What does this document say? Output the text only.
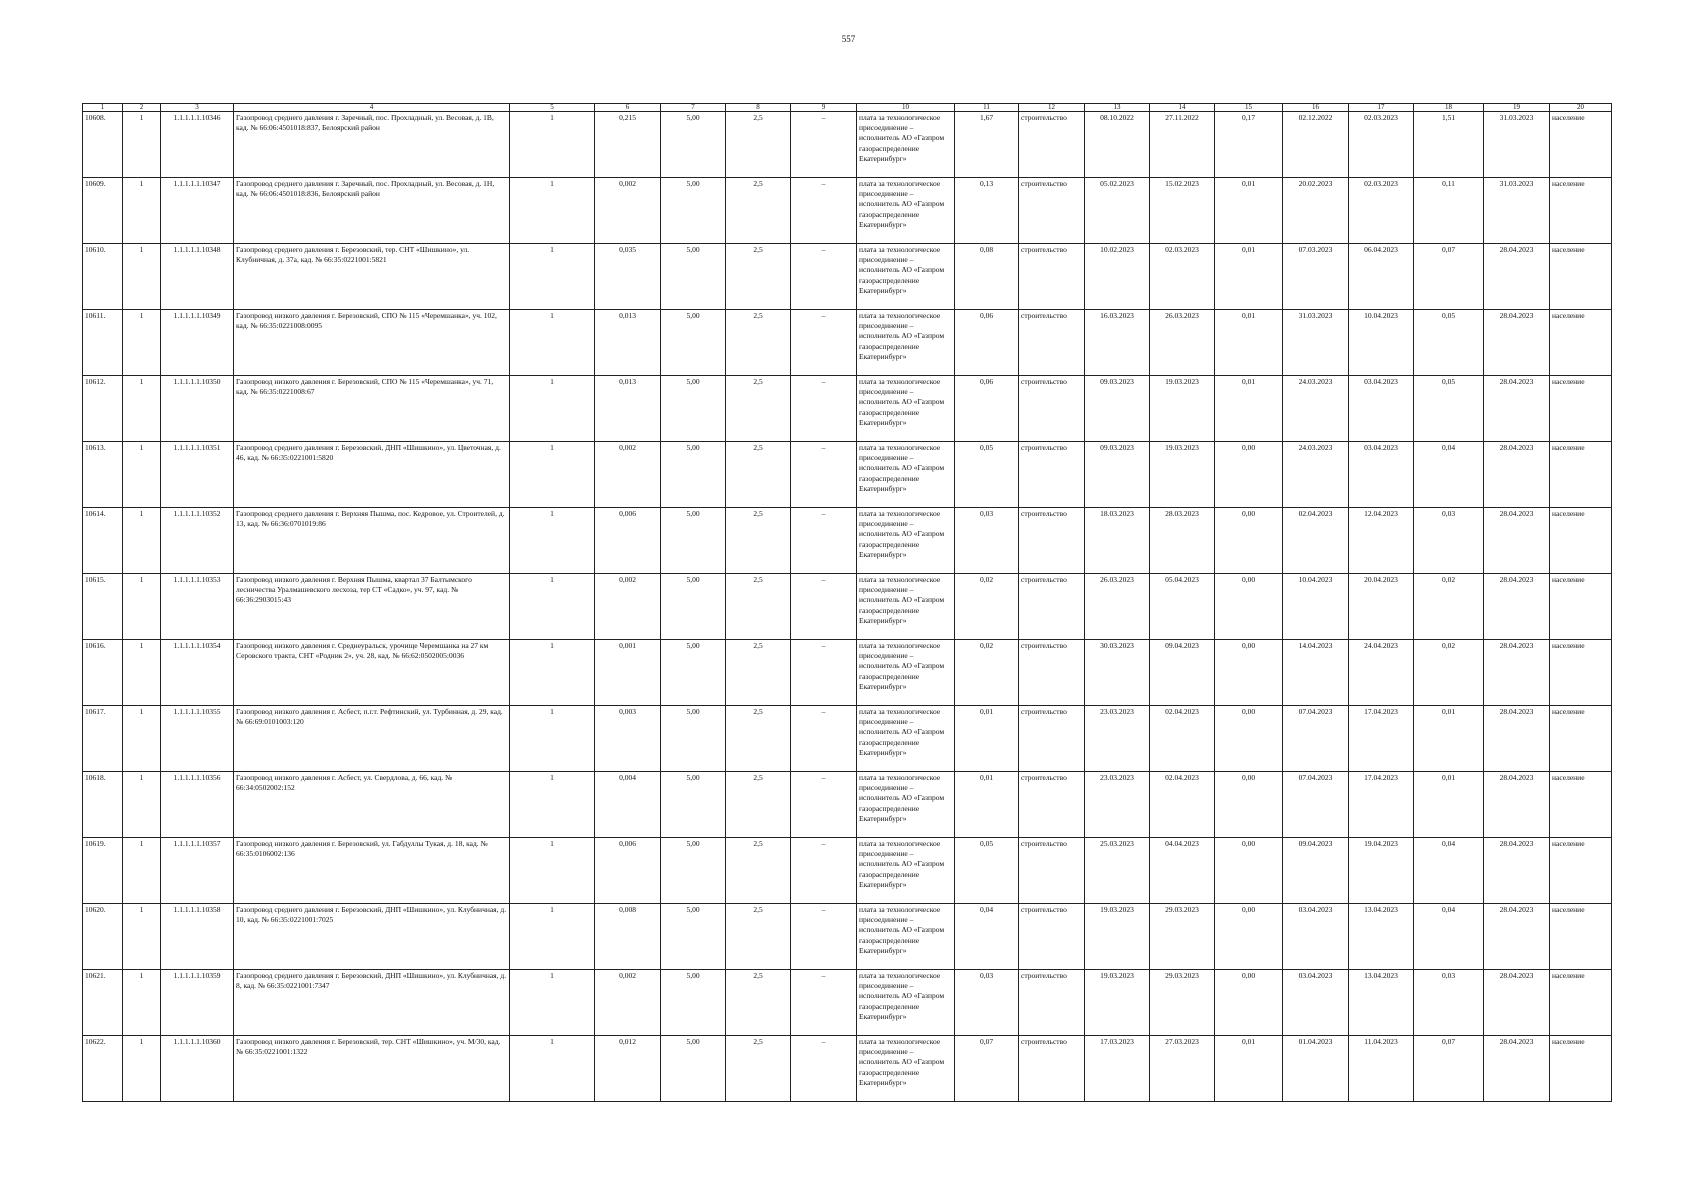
557
1	2	3	4	5	6	7	8	9	10	11	12	13	14	15	16	17	18	19	20
10608.	1	1.1.1.1.1.10346	Газопровод среднего давления г. Заречный, пос. Прохладный, ул. Весовая, д. 1В, кад. № 66:06:4501018:837, Белоярский район	1	0,215	5,00	2,5	–	плата за технологическое присоединение – исполнитель АО «Газпром газораспределение Екатеринбург»	1,67	строительство	08.10.2022	27.11.2022	0,17	02.12.2022	02.03.2023	1,51	31.03.2023	население
10609.	1	1.1.1.1.1.10347	Газопровод среднего давления г. Заречный, пос. Прохладный, ул. Весовая, д. 1Н, кад. № 66:06:4501018:836, Белоярский район	1	0,002	5,00	2,5	–	плата за технологическое присоединение – исполнитель АО «Газпром газораспределение Екатеринбург»	0,13	строительство	05.02.2023	15.02.2023	0,01	20.02.2023	02.03.2023	0,11	31.03.2023	население
10610.	1	1.1.1.1.1.10348	Газопровод среднего давления г. Березовский, тер. СНТ «Шишкино», ул. Клубничная, д. 37а, кад. № 66:35:0221001:5821	1	0,035	5,00	2,5	–	плата за технологическое присоединение – исполнитель АО «Газпром газораспределение Екатеринбург»	0,08	строительство	10.02.2023	02.03.2023	0,01	07.03.2023	06.04.2023	0,07	28.04.2023	население
10611.	1	1.1.1.1.1.10349	Газопровод низкого давления г. Березовский, СПО № 115 «Черемшанка», уч. 102, кад. № 66:35:0221008:0095	1	0,013	5,00	2,5	–	плата за технологическое присоединение – исполнитель АО «Газпром газораспределение Екатеринбург»	0,06	строительство	16.03.2023	26.03.2023	0,01	31.03.2023	10.04.2023	0,05	28.04.2023	население
10612.	1	1.1.1.1.1.10350	Газопровод низкого давления г. Березовский, СПО № 115 «Черемшанка», уч. 71, кад. № 66:35:0221008:67	1	0,013	5,00	2,5	–	плата за технологическое присоединение – исполнитель АО «Газпром газораспределение Екатеринбург»	0,06	строительство	09.03.2023	19.03.2023	0,01	24.03.2023	03.04.2023	0,05	28.04.2023	население
10613.	1	1.1.1.1.1.10351	Газопровод среднего давления г. Березовский, ДНП «Шишкино», ул. Цветочная, д. 46, кад. № 66:35:0221001:5820	1	0,002	5,00	2,5	–	плата за технологическое присоединение – исполнитель АО «Газпром газораспределение Екатеринбург»	0,05	строительство	09.03.2023	19.03.2023	0,00	24.03.2023	03.04.2023	0,04	28.04.2023	население
10614.	1	1.1.1.1.1.10352	Газопровод среднего давления г. Верхняя Пышма, пос. Кедровое, ул. Строителей, д. 13, кад. № 66:36:0701019:86	1	0,006	5,00	2,5	–	плата за технологическое присоединение – исполнитель АО «Газпром газораспределение Екатеринбург»	0,03	строительство	18.03.2023	28.03.2023	0,00	02.04.2023	12.04.2023	0,03	28.04.2023	население
10615.	1	1.1.1.1.1.10353	Газопровод низкого давления г. Верхняя Пышма, квартал 37 Балтымского лесничества Уралмашевского лесхоза, тер СТ «Садко», уч. 97, кад. № 66:36:2903015:43	1	0,002	5,00	2,5	–	плата за технологическое присоединение – исполнитель АО «Газпром газораспределение Екатеринбург»	0,02	строительство	26.03.2023	05.04.2023	0,00	10.04.2023	20.04.2023	0,02	28.04.2023	население
10616.	1	1.1.1.1.1.10354	Газопровод низкого давления г. Среднеуральск, урочище Черемшанка на 27 км Серовского тракта, СНТ «Родник 2», уч. 28, кад. № 66:62:0502005:0036	1	0,001	5,00	2,5	–	плата за технологическое присоединение – исполнитель АО «Газпром газораспределение Екатеринбург»	0,02	строительство	30.03.2023	09.04.2023	0,00	14.04.2023	24.04.2023	0,02	28.04.2023	население
10617.	1	1.1.1.1.1.10355	Газопровод низкого давления г. Асбест, п.г.т. Рефтинский, ул. Турбинная, д. 29, кад. № 66:69:0101003:120	1	0,003	5,00	2,5	–	плата за технологическое присоединение – исполнитель АО «Газпром газораспределение Екатеринбург»	0,01	строительство	23.03.2023	02.04.2023	0,00	07.04.2023	17.04.2023	0,01	28.04.2023	население
10618.	1	1.1.1.1.1.10356	Газопровод низкого давления г. Асбест, ул. Свердлова, д. 66, кад. № 66:34:0502002:152	1	0,004	5,00	2,5	–	плата за технологическое присоединение – исполнитель АО «Газпром газораспределение Екатеринбург»	0,01	строительство	23.03.2023	02.04.2023	0,00	07.04.2023	17.04.2023	0,01	28.04.2023	население
10619.	1	1.1.1.1.1.10357	Газопровод низкого давления г. Березовский, ул. Габдуллы Тукая, д. 18, кад. № 66:35:0106002:136	1	0,006	5,00	2,5	–	плата за технологическое присоединение – исполнитель АО «Газпром газораспределение Екатеринбург»	0,05	строительство	25.03.2023	04.04.2023	0,00	09.04.2023	19.04.2023	0,04	28.04.2023	население
10620.	1	1.1.1.1.1.10358	Газопровод среднего давления г. Березовский, ДНП «Шишкино», ул. Клубничная, д. 10, кад. № 66:35:0221001:7025	1	0,008	5,00	2,5	–	плата за технологическое присоединение – исполнитель АО «Газпром газораспределение Екатеринбург»	0,04	строительство	19.03.2023	29.03.2023	0,00	03.04.2023	13.04.2023	0,04	28.04.2023	население
10621.	1	1.1.1.1.1.10359	Газопровод среднего давления г. Березовский, ДНП «Шишкино», ул. Клубничная, д. 8, кад. № 66:35:0221001:7347	1	0,002	5,00	2,5	–	плата за технологическое присоединение – исполнитель АО «Газпром газораспределение Екатеринбург»	0,03	строительство	19.03.2023	29.03.2023	0,00	03.04.2023	13.04.2023	0,03	28.04.2023	население
10622.	1	1.1.1.1.1.10360	Газопровод низкого давления г. Березовский, тер. СНТ «Шишкино», уч. М/30, кад. № 66:35:0221001:1322	1	0,012	5,00	2,5	–	плата за технологическое присоединение – исполнитель АО «Газпром газораспределение Екатеринбург»	0,07	строительство	17.03.2023	27.03.2023	0,01	01.04.2023	11.04.2023	0,07	28.04.2023	население
